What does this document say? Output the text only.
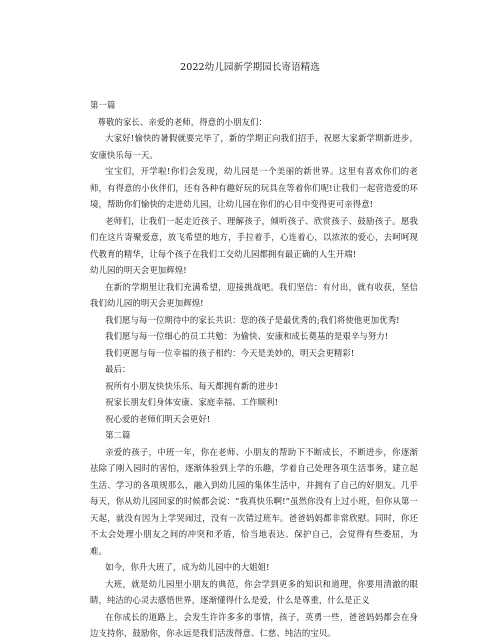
2022幼儿园新学期园长寄语精选

第一篇

尊敬的家长、亲爱的老师，得意的小朋友们：

大家好!愉快的暑假就要完毕了，新的学期正向我们招手，祝愿大家新学期新进步，安康快乐每一天。

宝宝们，开学啦!你们会发现，幼儿园是一个美丽的新世界。这里有喜欢你们的老师，有得意的小伙伴们，还有各种有趣好玩的玩具在等着你们呢!让我们一起营造爱的环境，帮助你们愉快的走进幼儿园，让幼儿园在你们的心目中变得更可亲得意!

老师们，让我们一起走近孩子、理解孩子，倾听孩子、欣赏孩子、鼓励孩子。愿我们在这片寄聚爱意，放飞希望的地方，手拉着手，心连着心，以浓浓的爱心，去呵呵现代教育的精华，让每个孩子在我们工交幼儿园都拥有最正确的人生开端!

幼儿园的明天会更加辉煌!

在新的学期里让我们充满希望，迎接挑战吧。我们坚信：有付出，就有收获，坚信我们幼儿园的明天会更加辉煌!

我们愿与每一位期待中的家长共识：您的孩子是最优秀的;我们将使他更加优秀!

我们愿与每一位细心的员工共勉：为偷快、安康和成长奠基的是艰辛与努力!

我们更愿与每一位幸福的孩子相约：今天是美妙的，明天会更精彩!

最后：

祝所有小朋友快快乐乐、每天都拥有新的进步!

祝家长朋友们身体安康、家庭幸福、工作顺利!

祝心爱的老师们明天会更好!

第二篇

亲爱的孩子，中班一年，你在老师、小朋友的帮助下不断成长，不断进步，你逐渐祛除了刚入园时的害怕，逐渐体验到上学的乐趣，学着自己处理各项生活事务，建立起生活、学习的各项规那么，融入到幼儿园的集体生活中，并拥有了自己的好朋友。几乎每天，你从幼儿园回家的时候都会说：“我真快乐啊!”虽然你没有上过小班，但你从第一天起，就没有因为上学哭闹过，没有一次错过班车。爸爸妈妈都非常欣慰。同时，你还不太会处理小朋友之间的冲突和矛盾，恰当地表达、保护自己，会觉得有些委屈，为难。

如今，你升大班了，成为幼儿园中的大姐姐!

大班，就是幼儿园里小朋友的典范，你会学到更多的知识和道理，你要用清澈的眼睛，纯洁的心灵去感悟世界，逐渐懂得什么是爱，什么是尊重，什么是正义

在你成长的道路上，会发生许许多多的事情，孩子，英勇一些，爸爸妈妈都会在身边支持你，鼓励你，你永远是我们活泼得意、仁慈、纯洁的宝贝。
